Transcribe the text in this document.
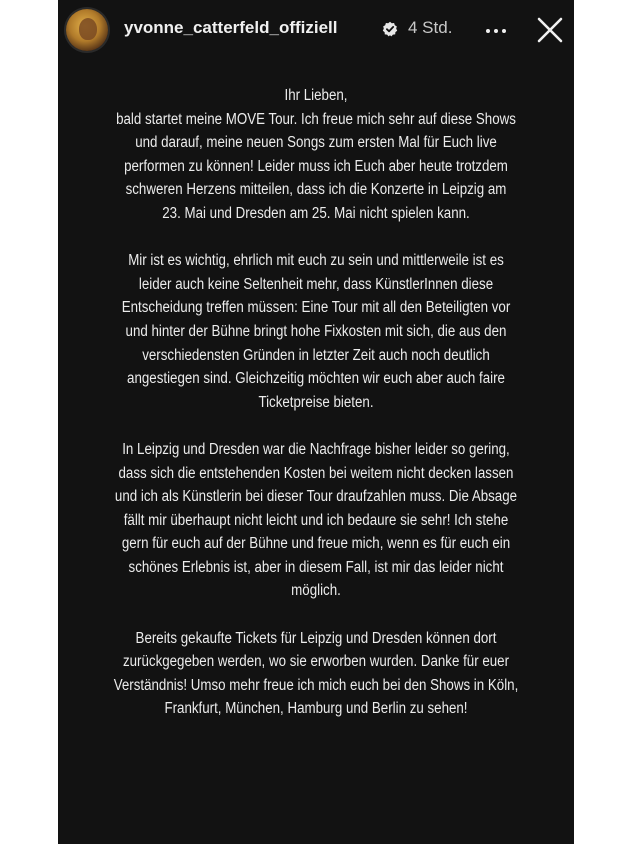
yvonne_catterfeld_offiziell	4 Std.
Ihr Lieben,
bald startet meine MOVE Tour. Ich freue mich sehr auf diese Shows
und darauf, meine neuen Songs zum ersten Mal für Euch live
performen zu können! Leider muss ich Euch aber heute trotzdem
schweren Herzens mitteilen, dass ich die Konzerte in Leipzig am
23. Mai und Dresden am 25. Mai nicht spielen kann.
Mir ist es wichtig, ehrlich mit euch zu sein und mittlerweile ist es
leider auch keine Seltenheit mehr, dass KünstlerInnen diese
Entscheidung treffen müssen: Eine Tour mit all den Beteiligten vor
und hinter der Bühne bringt hohe Fixkosten mit sich, die aus den
verschiedensten Gründen in letzter Zeit auch noch deutlich
angestiegen sind. Gleichzeitig möchten wir euch aber auch faire
Ticketpreise bieten.
In Leipzig und Dresden war die Nachfrage bisher leider so gering,
dass sich die entstehenden Kosten bei weitem nicht decken lassen
und ich als Künstlerin bei dieser Tour draufzahlen muss. Die Absage
fällt mir überhaupt nicht leicht und ich bedaure sie sehr! Ich stehe
gern für euch auf der Bühne und freue mich, wenn es für euch ein
schönes Erlebnis ist, aber in diesem Fall, ist mir das leider nicht
möglich.
Bereits gekaufte Tickets für Leipzig und Dresden können dort
zurückgegeben werden, wo sie erworben wurden. Danke für euer
Verständnis! Umso mehr freue ich mich euch bei den Shows in Köln,
Frankfurt, München, Hamburg und Berlin zu sehen!
